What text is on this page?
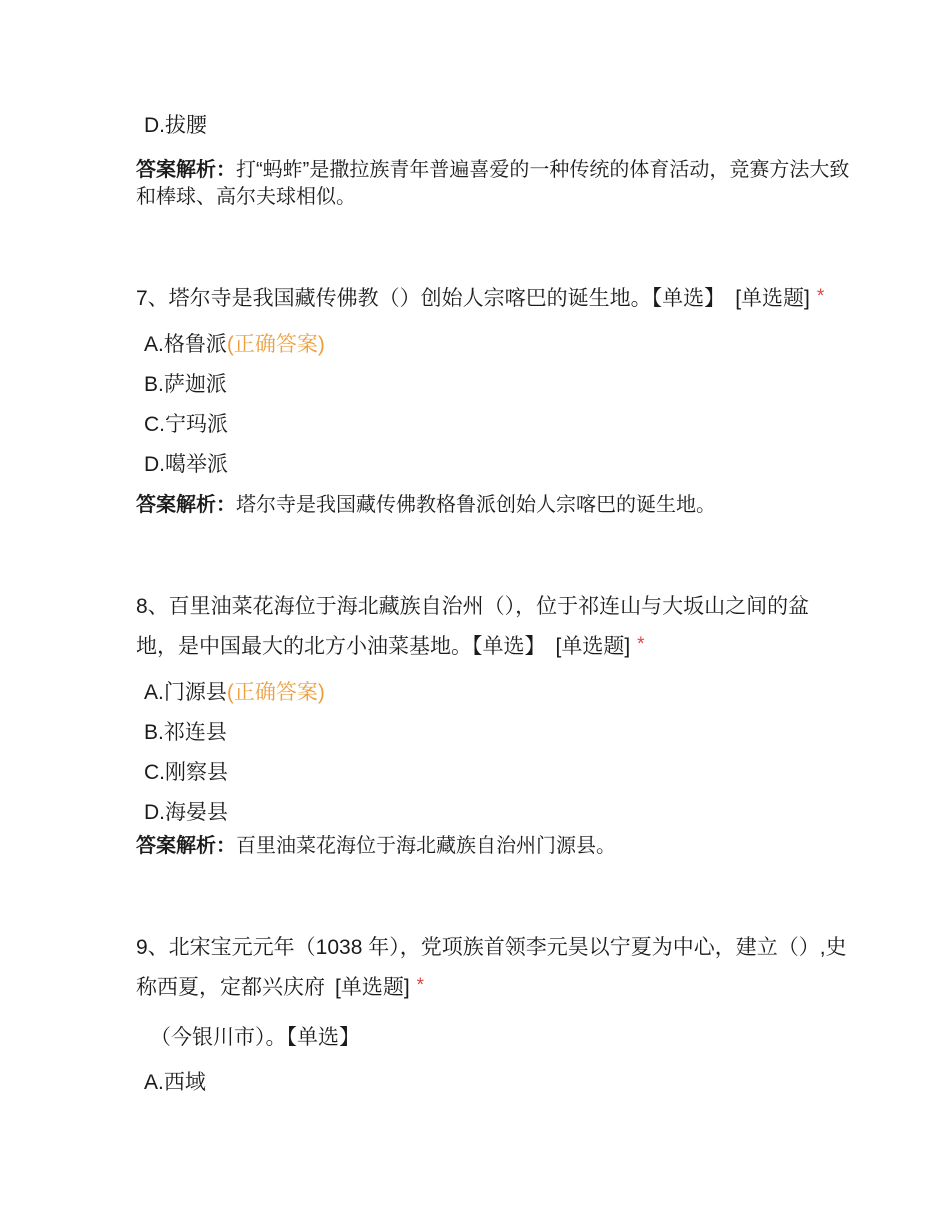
D.拔腰

答案解析：打“蚂蚱”是撒拉族青年普遍喜爱的一种传统的体育活动，竞赛方法大致和棒球、高尔夫球相似。

7、塔尔寺是我国藏传佛教（）创始人宗喀巴的诞生地。【单选】 [单选题] *

A.格鲁派(正确答案)
B.萨迦派
C.宁玛派
D.噶举派

答案解析：塔尔寺是我国藏传佛教格鲁派创始人宗喀巴的诞生地。

8、百里油菜花海位于海北藏族自治州（），位于祁连山与大坂山之间的盆地，是中国最大的北方小油菜基地。【单选】 [单选题] *

A.门源县(正确答案)
B.祁连县
C.刚察县
D.海晏县

答案解析：百里油菜花海位于海北藏族自治州门源县。

9、北宋宝元元年（1038 年），党项族首领李元昊以宁夏为中心，建立（）,史称西夏，定都兴庆府 [单选题] *

（今银川市）。【单选】

A.西域
